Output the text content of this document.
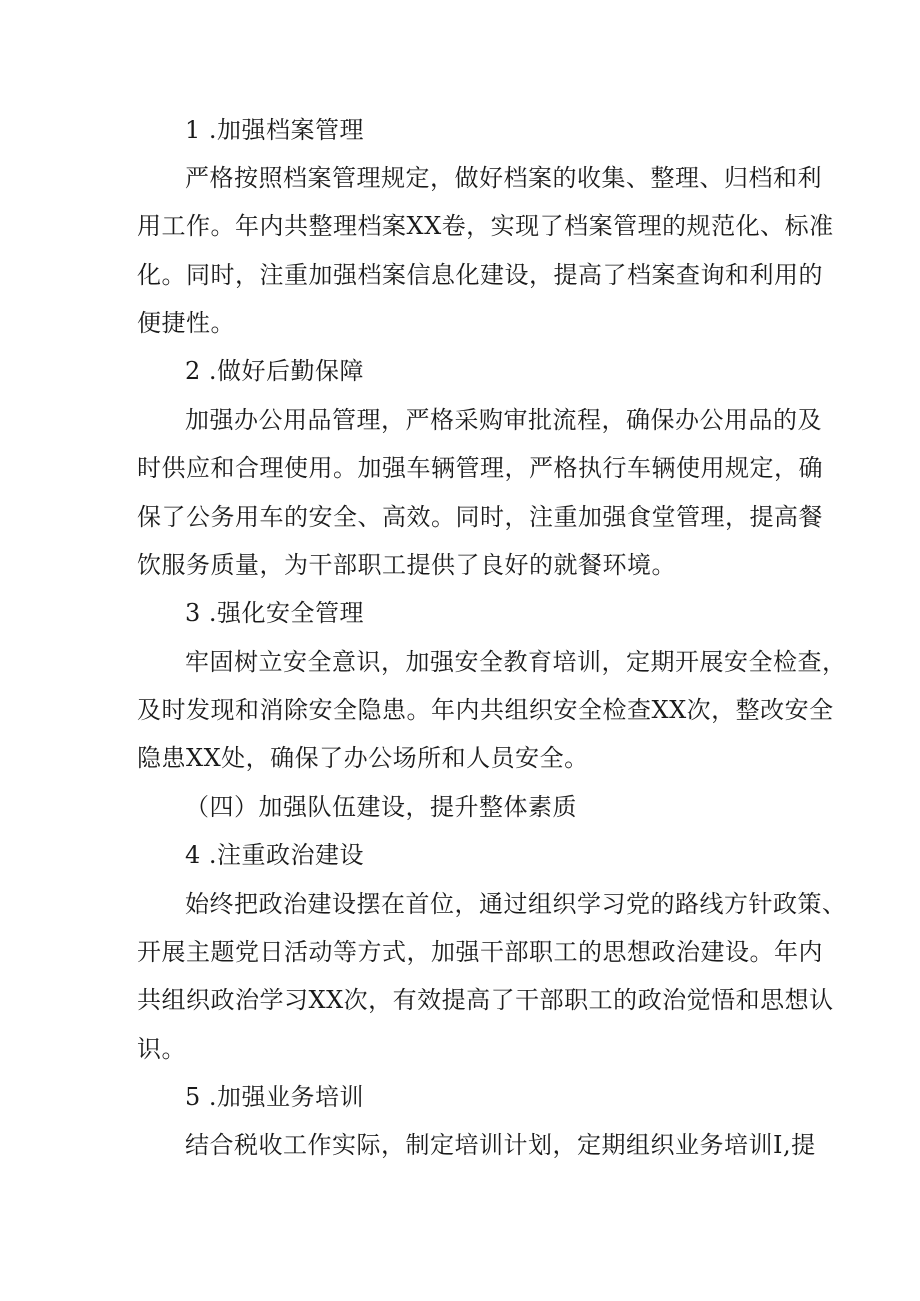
1 .加强档案管理
严格按照档案管理规定，做好档案的收集、整理、归档和利
用工作。年内共整理档案XX卷，实现了档案管理的规范化、标准
化。同时，注重加强档案信息化建设，提高了档案查询和利用的
便捷性。
2 .做好后勤保障
加强办公用品管理，严格采购审批流程，确保办公用品的及
时供应和合理使用。加强车辆管理，严格执行车辆使用规定，确
保了公务用车的安全、高效。同时，注重加强食堂管理，提高餐
饮服务质量，为干部职工提供了良好的就餐环境。
3 .强化安全管理
牢固树立安全意识，加强安全教育培训，定期开展安全检查，
及时发现和消除安全隐患。年内共组织安全检查XX次，整改安全
隐患XX处，确保了办公场所和人员安全。
（四）加强队伍建设，提升整体素质
4 .注重政治建设
始终把政治建设摆在首位，通过组织学习党的路线方针政策、
开展主题党日活动等方式，加强干部职工的思想政治建设。年内
共组织政治学习XX次，有效提高了干部职工的政治觉悟和思想认
识。
5 .加强业务培训
结合税收工作实际，制定培训计划，定期组织业务培训I,提
